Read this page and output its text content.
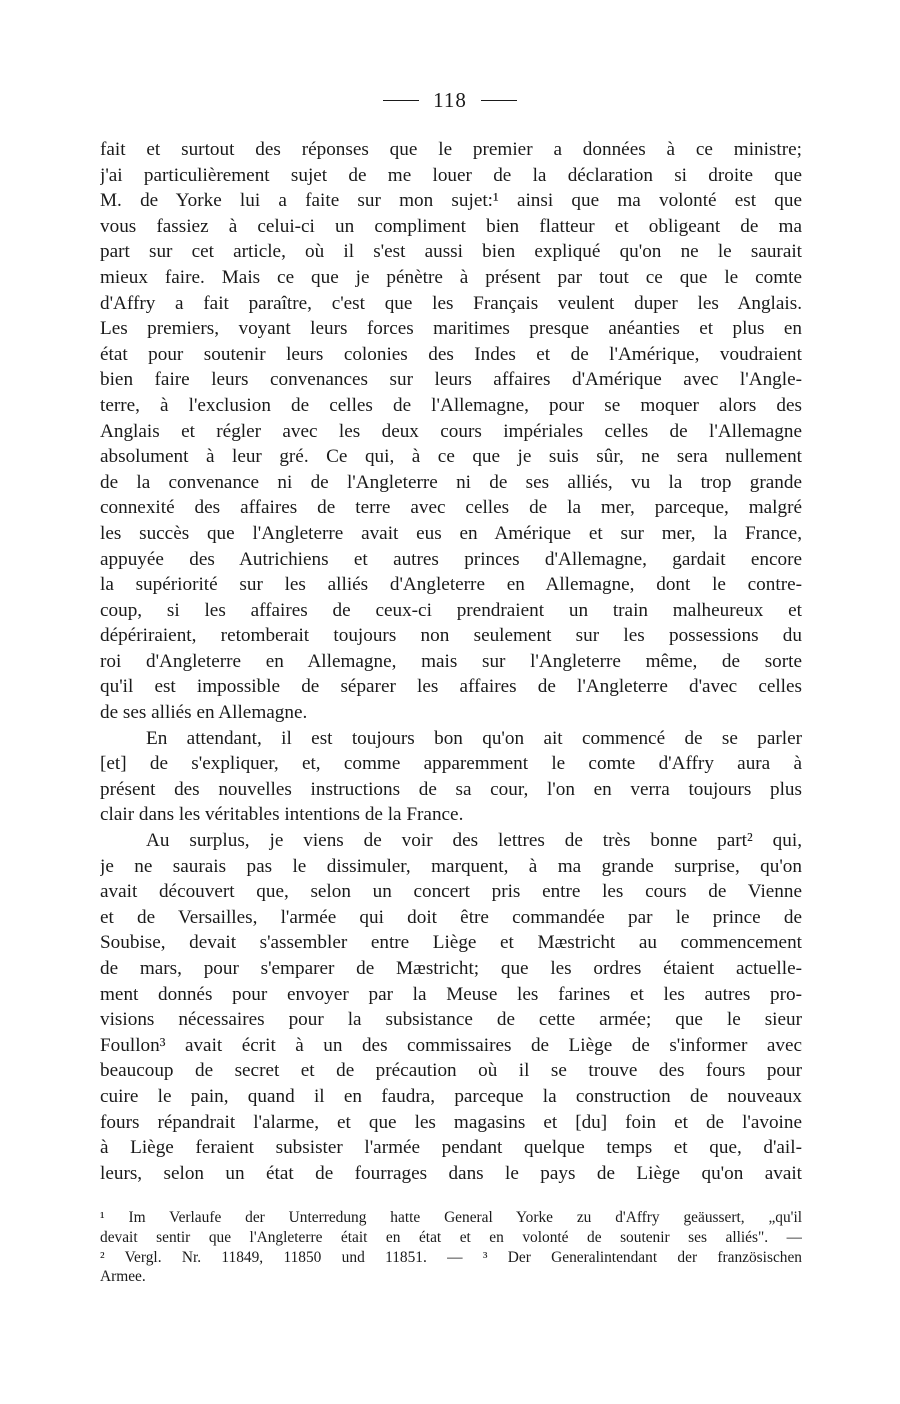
118
fait et surtout des réponses que le premier a données à ce ministre;
j'ai particulièrement sujet de me louer de la déclaration si droite que
M. de Yorke lui a faite sur mon sujet:¹ ainsi que ma volonté est que
vous fassiez à celui-ci un compliment bien flatteur et obligeant de ma
part sur cet article, où il s'est aussi bien expliqué qu'on ne le saurait
mieux faire. Mais ce que je pénètre à présent par tout ce que le comte
d'Affry a fait paraître, c'est que les Français veulent duper les Anglais.
Les premiers, voyant leurs forces maritimes presque anéanties et plus en
état pour soutenir leurs colonies des Indes et de l'Amérique, voudraient
bien faire leurs convenances sur leurs affaires d'Amérique avec l'Angle-
terre, à l'exclusion de celles de l'Allemagne, pour se moquer alors des
Anglais et régler avec les deux cours impériales celles de l'Allemagne
absolument à leur gré. Ce qui, à ce que je suis sûr, ne sera nullement
de la convenance ni de l'Angleterre ni de ses alliés, vu la trop grande
connexité des affaires de terre avec celles de la mer, parceque, malgré
les succès que l'Angleterre avait eus en Amérique et sur mer, la France,
appuyée des Autrichiens et autres princes d'Allemagne, gardait encore
la supériorité sur les alliés d'Angleterre en Allemagne, dont le contre-
coup, si les affaires de ceux-ci prendraient un train malheureux et
dépériraient, retomberait toujours non seulement sur les possessions du
roi d'Angleterre en Allemagne, mais sur l'Angleterre même, de sorte
qu'il est impossible de séparer les affaires de l'Angleterre d'avec celles
de ses alliés en Allemagne.
En attendant, il est toujours bon qu'on ait commencé de se parler
[et] de s'expliquer, et, comme apparemment le comte d'Affry aura à
présent des nouvelles instructions de sa cour, l'on en verra toujours plus
clair dans les véritables intentions de la France.
Au surplus, je viens de voir des lettres de très bonne part² qui,
je ne saurais pas le dissimuler, marquent, à ma grande surprise, qu'on
avait découvert que, selon un concert pris entre les cours de Vienne
et de Versailles, l'armée qui doit être commandée par le prince de
Soubise, devait s'assembler entre Liège et Mæstricht au commencement
de mars, pour s'emparer de Mæstricht; que les ordres étaient actuelle-
ment donnés pour envoyer par la Meuse les farines et les autres pro-
visions nécessaires pour la subsistance de cette armée; que le sieur
Foullon³ avait écrit à un des commissaires de Liège de s'informer avec
beaucoup de secret et de précaution où il se trouve des fours pour
cuire le pain, quand il en faudra, parceque la construction de nouveaux
fours répandrait l'alarme, et que les magasins et [du] foin et de l'avoine
à Liège feraient subsister l'armée pendant quelque temps et que, d'ail-
leurs, selon un état de fourrages dans le pays de Liège qu'on avait
¹ Im Verlaufe der Unterredung hatte General Yorke zu d'Affry geäussert, „qu'il
devait sentir que l'Angleterre était en état et en volonté de soutenir ses alliés". —
² Vergl. Nr. 11849, 11850 und 11851. — ³ Der Generalintendant der französischen
Armee.
